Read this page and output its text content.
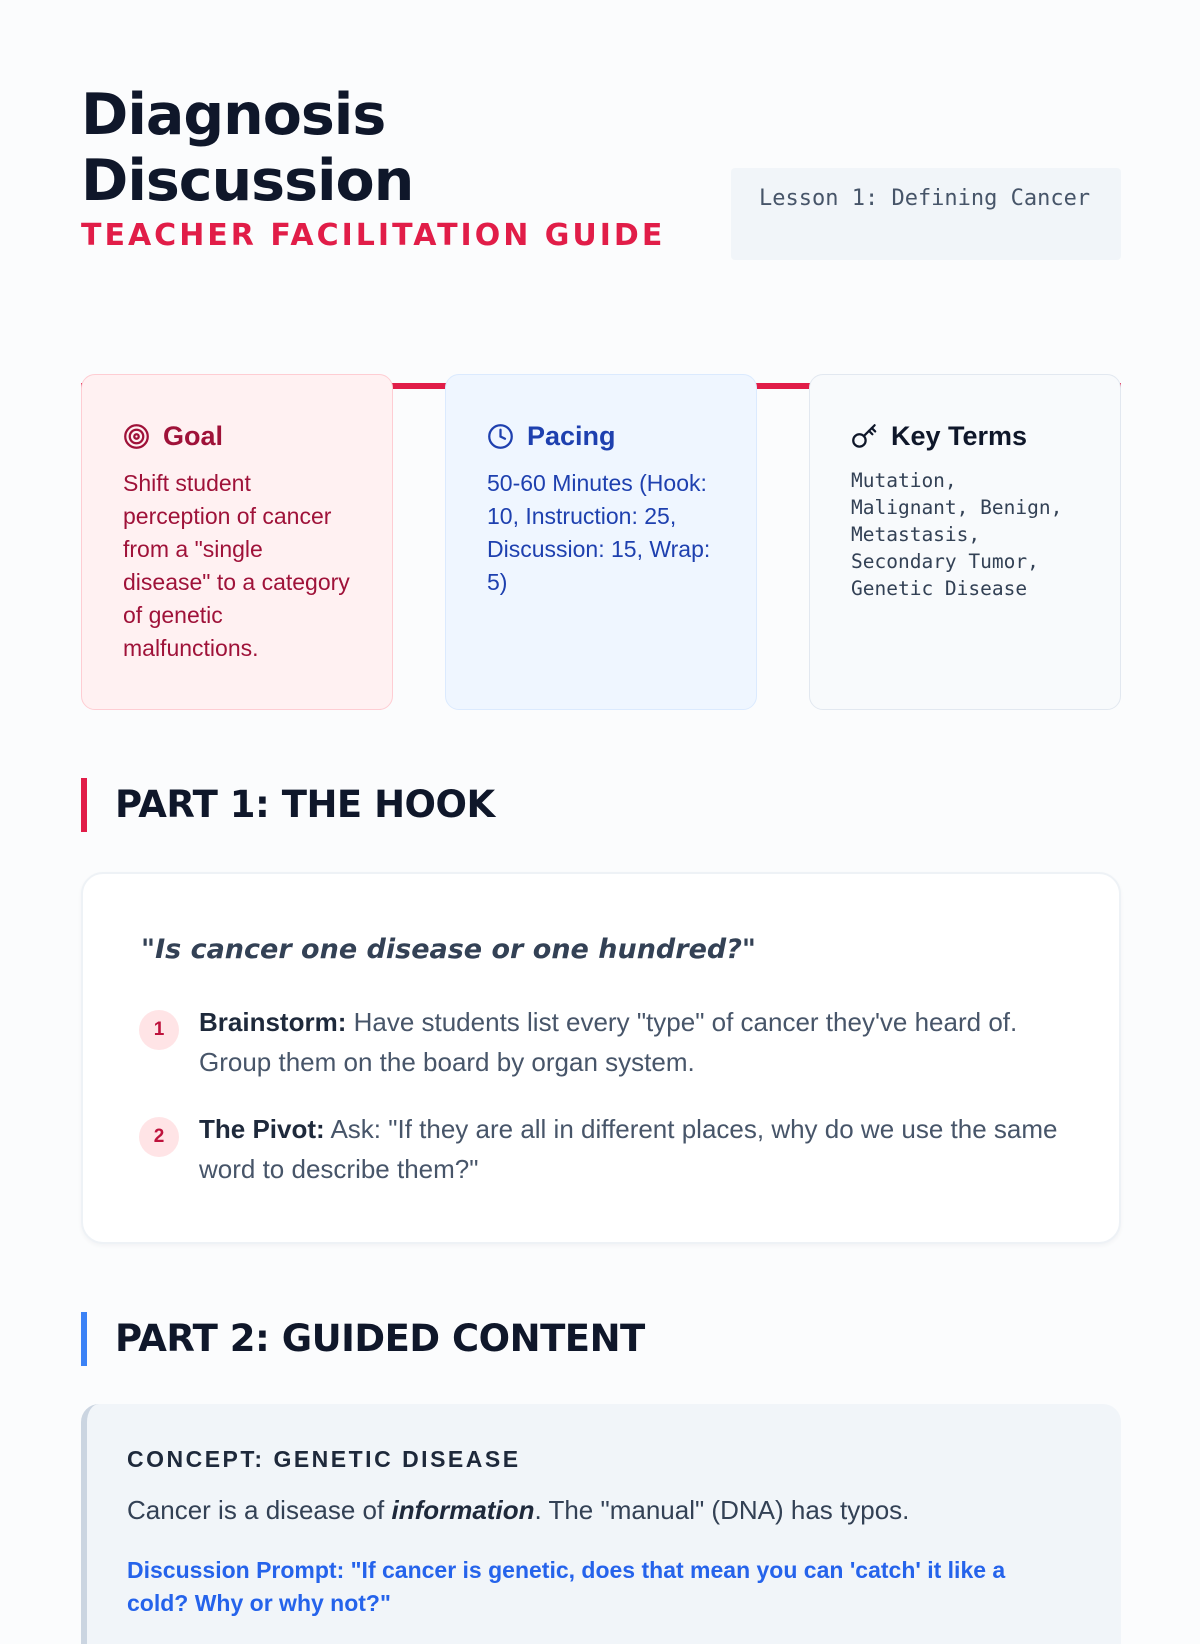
Diagnosis Discussion
TEACHER FACILITATION GUIDE
Lesson 1: Defining Cancer
Goal

Shift student perception of cancer from a "single disease" to a category of genetic malfunctions.

Pacing

50-60 Minutes (Hook: 10, Instruction: 25, Discussion: 15, Wrap: 5)

Key Terms

Mutation, Malignant, Benign, Metastasis, Secondary Tumor, Genetic Disease

PART 1: THE HOOK
"Is cancer one disease or one hundred?"
1	Brainstorm: Have students list every "type" of cancer they've heard of. Group them on the board by organ system.
2	The Pivot: Ask: "If they are all in different places, why do we use the same word to describe them?"
PART 2: GUIDED CONTENT
CONCEPT: GENETIC DISEASE

Cancer is a disease of information. The "manual" (DNA) has typos.

Discussion Prompt: "If cancer is genetic, does that mean you can 'catch' it like a cold? Why or why not?"
